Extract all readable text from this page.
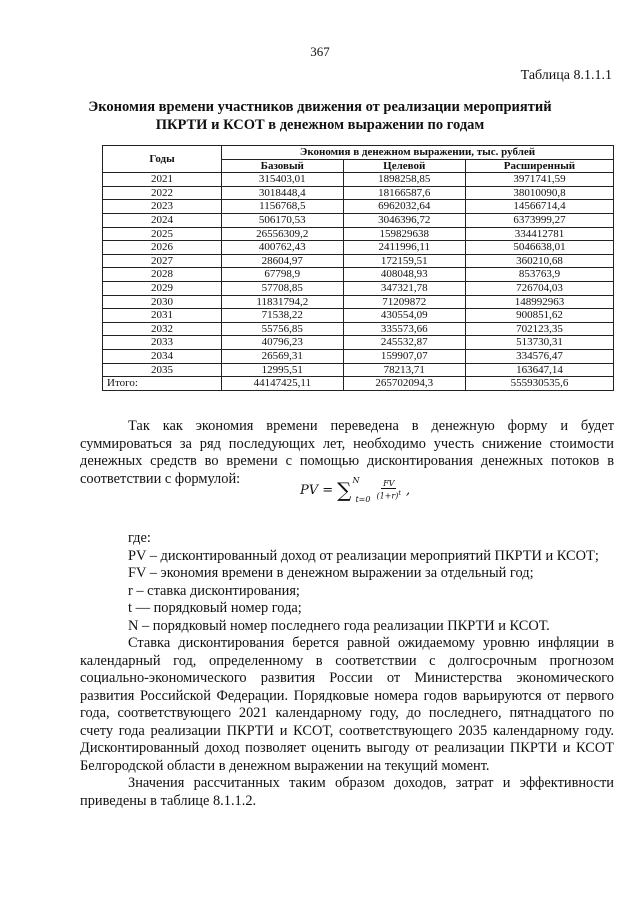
367
Таблица 8.1.1.1
Экономия времени участников движения от реализации мероприятий
ПКРТИ и КСОТ в денежном выражении по годам
Годы	Экономия в денежном выражении, тыс. рублей		
	Базовый	Целевой	Расширенный
2021	315403,01	1898258,85	3971741,59
2022	3018448,4	18166587,6	38010090,8
2023	1156768,5	6962032,64	14566714,4
2024	506170,53	3046396,72	6373999,27
2025	26556309,2	159829638	334412781
2026	400762,43	2411996,11	5046638,01
2027	28604,97	172159,51	360210,68
2028	67798,9	408048,93	853763,9
2029	57708,85	347321,78	726704,03
2030	11831794,2	71209872	148992963
2031	71538,22	430554,09	900851,62
2032	55756,85	335573,66	702123,35
2033	40796,23	245532,87	513730,31
2034	26569,31	159907,07	334576,47
2035	12995,51	78213,71	163647,14
Итого:	44147425,11	265702094,3	555930535,6

Так как экономия времени переведена в денежную форму и будет суммироваться за ряд последующих лет, необходимо учесть снижение стоимости денежных средств во времени с помощью дисконтирования денежных потоков в соответствии с формулой:

PV = ∑ N
$t=0 \frac{FV}{(1+r)^t}$ ,

где:

PV – дисконтированный доход от реализации мероприятий ПКРТИ и КСОТ;

FV – экономия времени в денежном выражении за отдельный год;

r – ставка дисконтирования;

t — порядковый номер года;

N – порядковый номер последнего года реализации ПКРТИ и КСОТ.

Ставка дисконтирования берется равной ожидаемому уровню инфляции в календарный год, определенному в соответствии с долгосрочным прогнозом социально-экономического развития России от Министерства экономического развития Российской Федерации. Порядковые номера годов варьируются от первого года, соответствующего 2021 календарному году, до последнего, пятнадцатого по счету года реализации ПКРТИ и КСОТ, соответствующего 2035 календарному году. Дисконтированный доход позволяет оценить выгоду от реализации ПКРТИ и КСОТ Белгородской области в денежном выражении на текущий момент.

Значения рассчитанных таким образом доходов, затрат и эффективности приведены в таблице 8.1.1.2.
